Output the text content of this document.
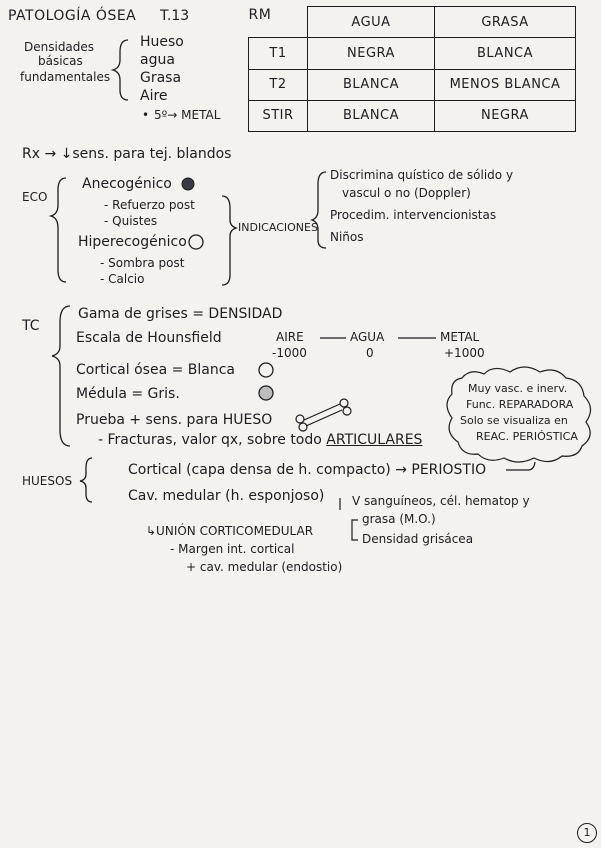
PATOLOGÍA ÓSEA T.13
Densidades
básicas
fundamentales
Hueso
agua
Grasa
Aire
• 5º→ METAL
RM	AGUA	GRASA
T1	NEGRA	BLANCA
T2	BLANCA	MENOS BLANCA
STIR	BLANCA	NEGRA
Rx → ↓sens. para tej. blandos
ECO
Anecogénico
- Refuerzo post
- Quistes
Hiperecogénico
- Sombra post
- Calcio
INDICACIONES
Discrimina quístico de sólido y
vascul o no (Doppler)
Procedim. intervencionistas
Niños
TC
Gama de grises = DENSIDAD
Escala de Hounsfield	AIRE
-1000
AGUA
0
METAL
+1000
Cortical ósea = Blanca
Médula = Gris.
Prueba + sens. para HUESO
- Fracturas, valor qx, sobre todo ARTICULARES
Muy vasc. e inerv.
Func. REPARADORA
Solo se visualiza en
REAC. PERIÓSTICA
HUESOS
Cortical (capa densa de h. compacto) → PERIOSTIO
Cav. medular (h. esponjoso) V sanguíneos, cél. hematop y
grasa (M.O.)
Densidad grisácea
↳UNIÓN CORTICOMEDULAR
- Margen int. cortical
+ cav. medular (endostio)
1
